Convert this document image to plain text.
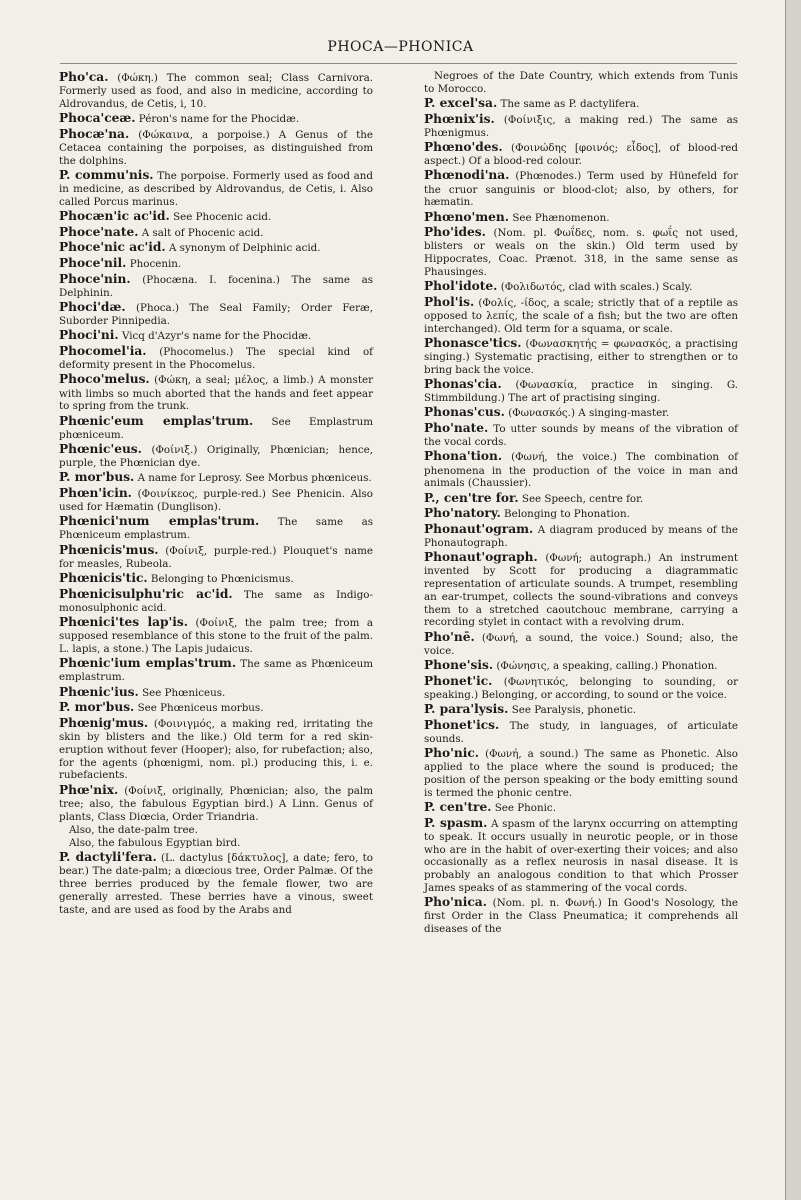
PHOCA—PHONICA
Pho'ca. (Φώκη.) The common seal; Class Carnivora. Formerly used as food, and also in medicine, according to Aldrovandus, de Cetis, i, 10.
Phoca'ceæ. Péron's name for the Phocidæ.
Phocæ'na. (Φώκαινα, a porpoise.) A Genus of the Cetacea containing the porpoises, as distinguished from the dolphins.
P. commu'nis. The porpoise. Formerly used as food and in medicine, as described by Aldrovandus, de Cetis, i. Also called Porcus marinus.
Phocæn'ic ac'id. See Phocenic acid.
Phoce'nate. A salt of Phocenic acid.
Phoce'nic ac'id. A synonym of Delphinic acid.
Phoce'nil. Phocenin.
Phoce'nin. (Phocæna. I. focenina.) The same as Delphinin.
Phoci'dæ. (Phoca.) The Seal Family; Order Feræ, Suborder Pinnipedia.
Phoci'ni. Vicq d'Azyr's name for the Phocidæ.
Phocomel'ia. (Phocomelus.) The special kind of deformity present in the Phocomelus.
Phoco'melus. (Φώκη, a seal; μέλος, a limb.) A monster with limbs so much aborted that the hands and feet appear to spring from the trunk.
Phœnic'eum emplas'trum. See Emplastrum phœniceum.
Phœnic'eus. (Φοίνιξ.) Originally, Phœnician; hence, purple, the Phœnician dye.
P. mor'bus. A name for Leprosy. See Morbus phœniceus.
Phœn'icin. (Φοινίκεος, purple-red.) See Phenicin. Also used for Hæmatin (Dunglison).
Phœnici'num emplas'trum. The same as Phœniceum emplastrum.
Phœnicis'mus. (Φοίνιξ, purple-red.) Plouquet's name for measles, Rubeola.
Phœnicis'tic. Belonging to Phœnicismus.
Phœnicisulphu'ric ac'id. The same as Indigo-monosulphonic acid.
Phœnici'tes lap'is. (Φοίνιξ, the palm tree; from a supposed resemblance of this stone to the fruit of the palm. L. lapis, a stone.) The Lapis judaicus.
Phœnic'ium emplas'trum. The same as Phœniceum emplastrum.
Phœnic'ius. See Phœniceus.
P. mor'bus. See Phœniceus morbus.
Phœnig'mus. (Φοινιγμός, a making red, irritating the skin by blisters and the like.) Old term for a red skin-eruption without fever (Hooper); also, for rubefaction; also, for the agents (phœnigmi, nom. pl.) producing this, i. e. rubefacients.
Phœ'nix. (Φοίνιξ, originally, Phœnician; also, the palm tree; also, the fabulous Egyptian bird.) A Linn. Genus of plants, Class Diœcia, Order Triandria.
Also, the date-palm tree.
Also, the fabulous Egyptian bird.
P. dactyli'fera. (L. dactylus [δάκτυλος], a date; fero, to bear.) The date-palm; a diœcious tree, Order Palmæ. Of the three berries produced by the female flower, two are generally arrested. These berries have a vinous, sweet taste, and are used as food by the Arabs and
Negroes of the Date Country, which extends from Tunis to Morocco.
P. excel'sa. The same as P. dactylifera.
Phœnix'is. (Φοίνιξις, a making red.) The same as Phœnigmus.
Phœno'des. (Φοινώδης [φοινός; εἶδος], of blood-red aspect.) Of a blood-red colour.
Phœnodi'na. (Phœnodes.) Term used by Hünefeld for the cruor sanguinis or blood-clot; also, by others, for hæmatin.
Phœno'men. See Phænomenon.
Pho'ides. (Nom. pl. Φωΐδες, nom. s. φωΐς not used, blisters or weals on the skin.) Old term used by Hippocrates, Coac. Prænot. 318, in the same sense as Phausinges.
Phol'idote. (Φολιδωτός, clad with scales.) Scaly.
Phol'is. (Φολίς, -ίδος, a scale; strictly that of a reptile as opposed to λεπίς, the scale of a fish; but the two are often interchanged). Old term for a squama, or scale.
Phonasce'tics. (Φωνασκητής = φωνασκός, a practising singing.) Systematic practising, either to strengthen or to bring back the voice.
Phonas'cia. (Φωνασκία, practice in singing. G. Stimmbildung.) The art of practising singing.
Phonas'cus. (Φωνασκός.) A singing-master.
Pho'nate. To utter sounds by means of the vibration of the vocal cords.
Phona'tion. (Φωνή, the voice.) The combination of phenomena in the production of the voice in man and animals (Chaussier).
P., cen'tre for. See Speech, centre for.
Pho'natory. Belonging to Phonation.
Phonaut'ogram. A diagram produced by means of the Phonautograph.
Phonaut'ograph. (Φωνή; autograph.) An instrument invented by Scott for producing a diagrammatic representation of articulate sounds. A trumpet, resembling an ear-trumpet, collects the sound-vibrations and conveys them to a stretched caoutchouc membrane, carrying a recording stylet in contact with a revolving drum.
Pho'nē. (Φωνή, a sound, the voice.) Sound; also, the voice.
Phone'sis. (Φώνησις, a speaking, calling.) Phonation.
Phonet'ic. (Φωνητικός, belonging to sounding, or speaking.) Belonging, or according, to sound or the voice.
P. para'lysis. See Paralysis, phonetic.
Phonet'ics. The study, in languages, of articulate sounds.
Pho'nic. (Φωνή, a sound.) The same as Phonetic. Also applied to the place where the sound is produced; the position of the person speaking or the body emitting sound is termed the phonic centre.
P. cen'tre. See Phonic.
P. spasm. A spasm of the larynx occurring on attempting to speak. It occurs usually in neurotic people, or in those who are in the habit of over-exerting their voices; and also occasionally as a reflex neurosis in nasal disease. It is probably an analogous condition to that which Prosser James speaks of as stammering of the vocal cords.
Pho'nica. (Nom. pl. n. Φωνή.) In Good's Nosology, the first Order in the Class Pneumatica; it comprehends all diseases of the
